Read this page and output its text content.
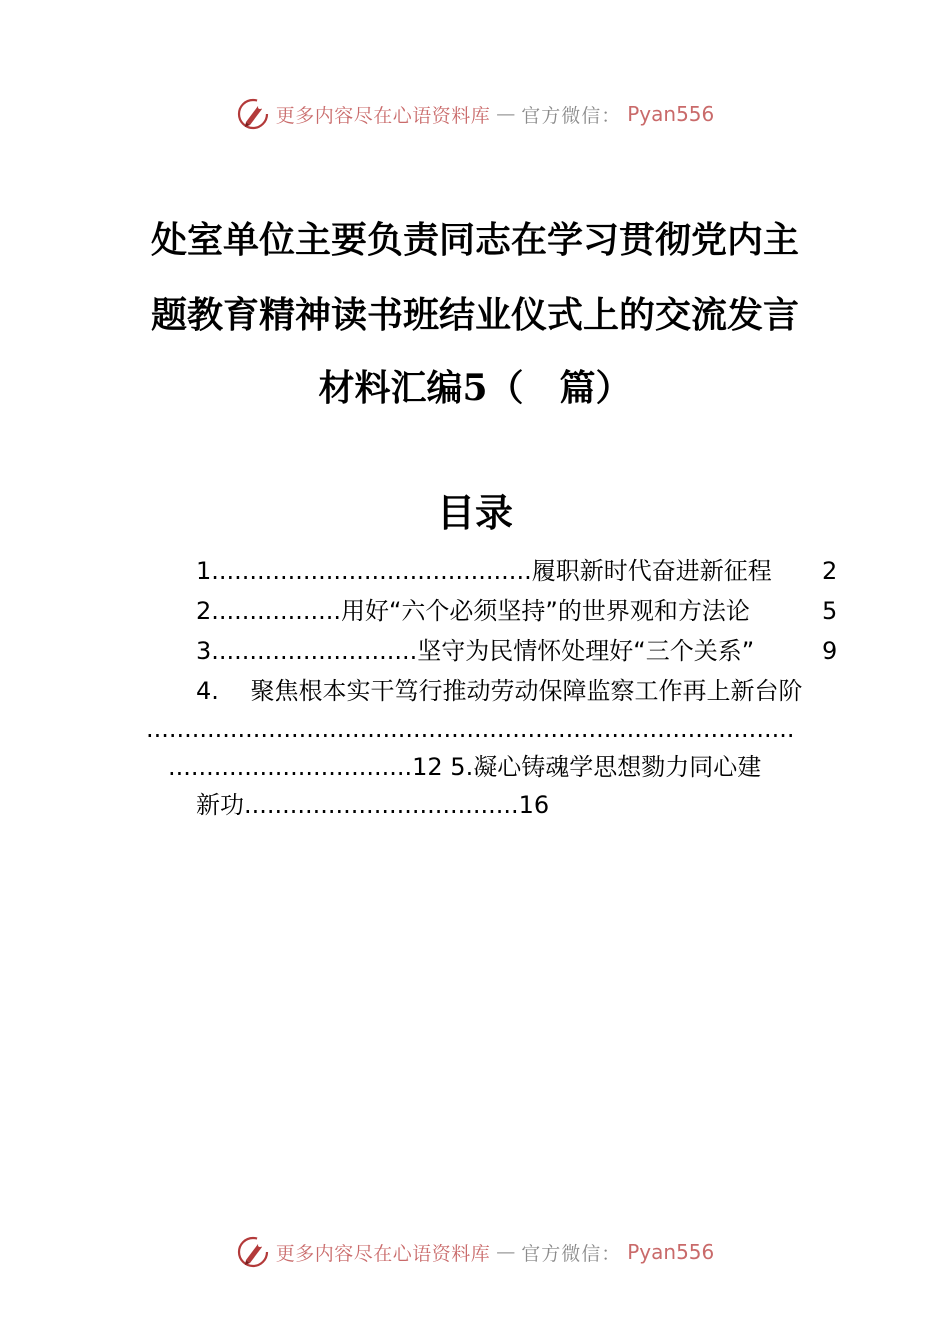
更多内容尽在心语资料库 — 官方微信： Pyan556
处室单位主要负责同志在学习贯彻党内主
题教育精神读书班结业仪式上的交流发言
材料汇编5（　篇）
目录
1..........................................履职新时代奋进新征程 2
2.................用好“六个必须坚持”的世界观和方法论	5
3...........................坚守为民情怀处理好“三个关系”	9
4.　 聚焦根本实干笃行推动劳动保障监察工作再上新台阶
.....................................................................................
................................12 5.凝心铸魂学思想勠力同心建
新功....................................16
更多内容尽在心语资料库 — 官方微信： Pyan556
